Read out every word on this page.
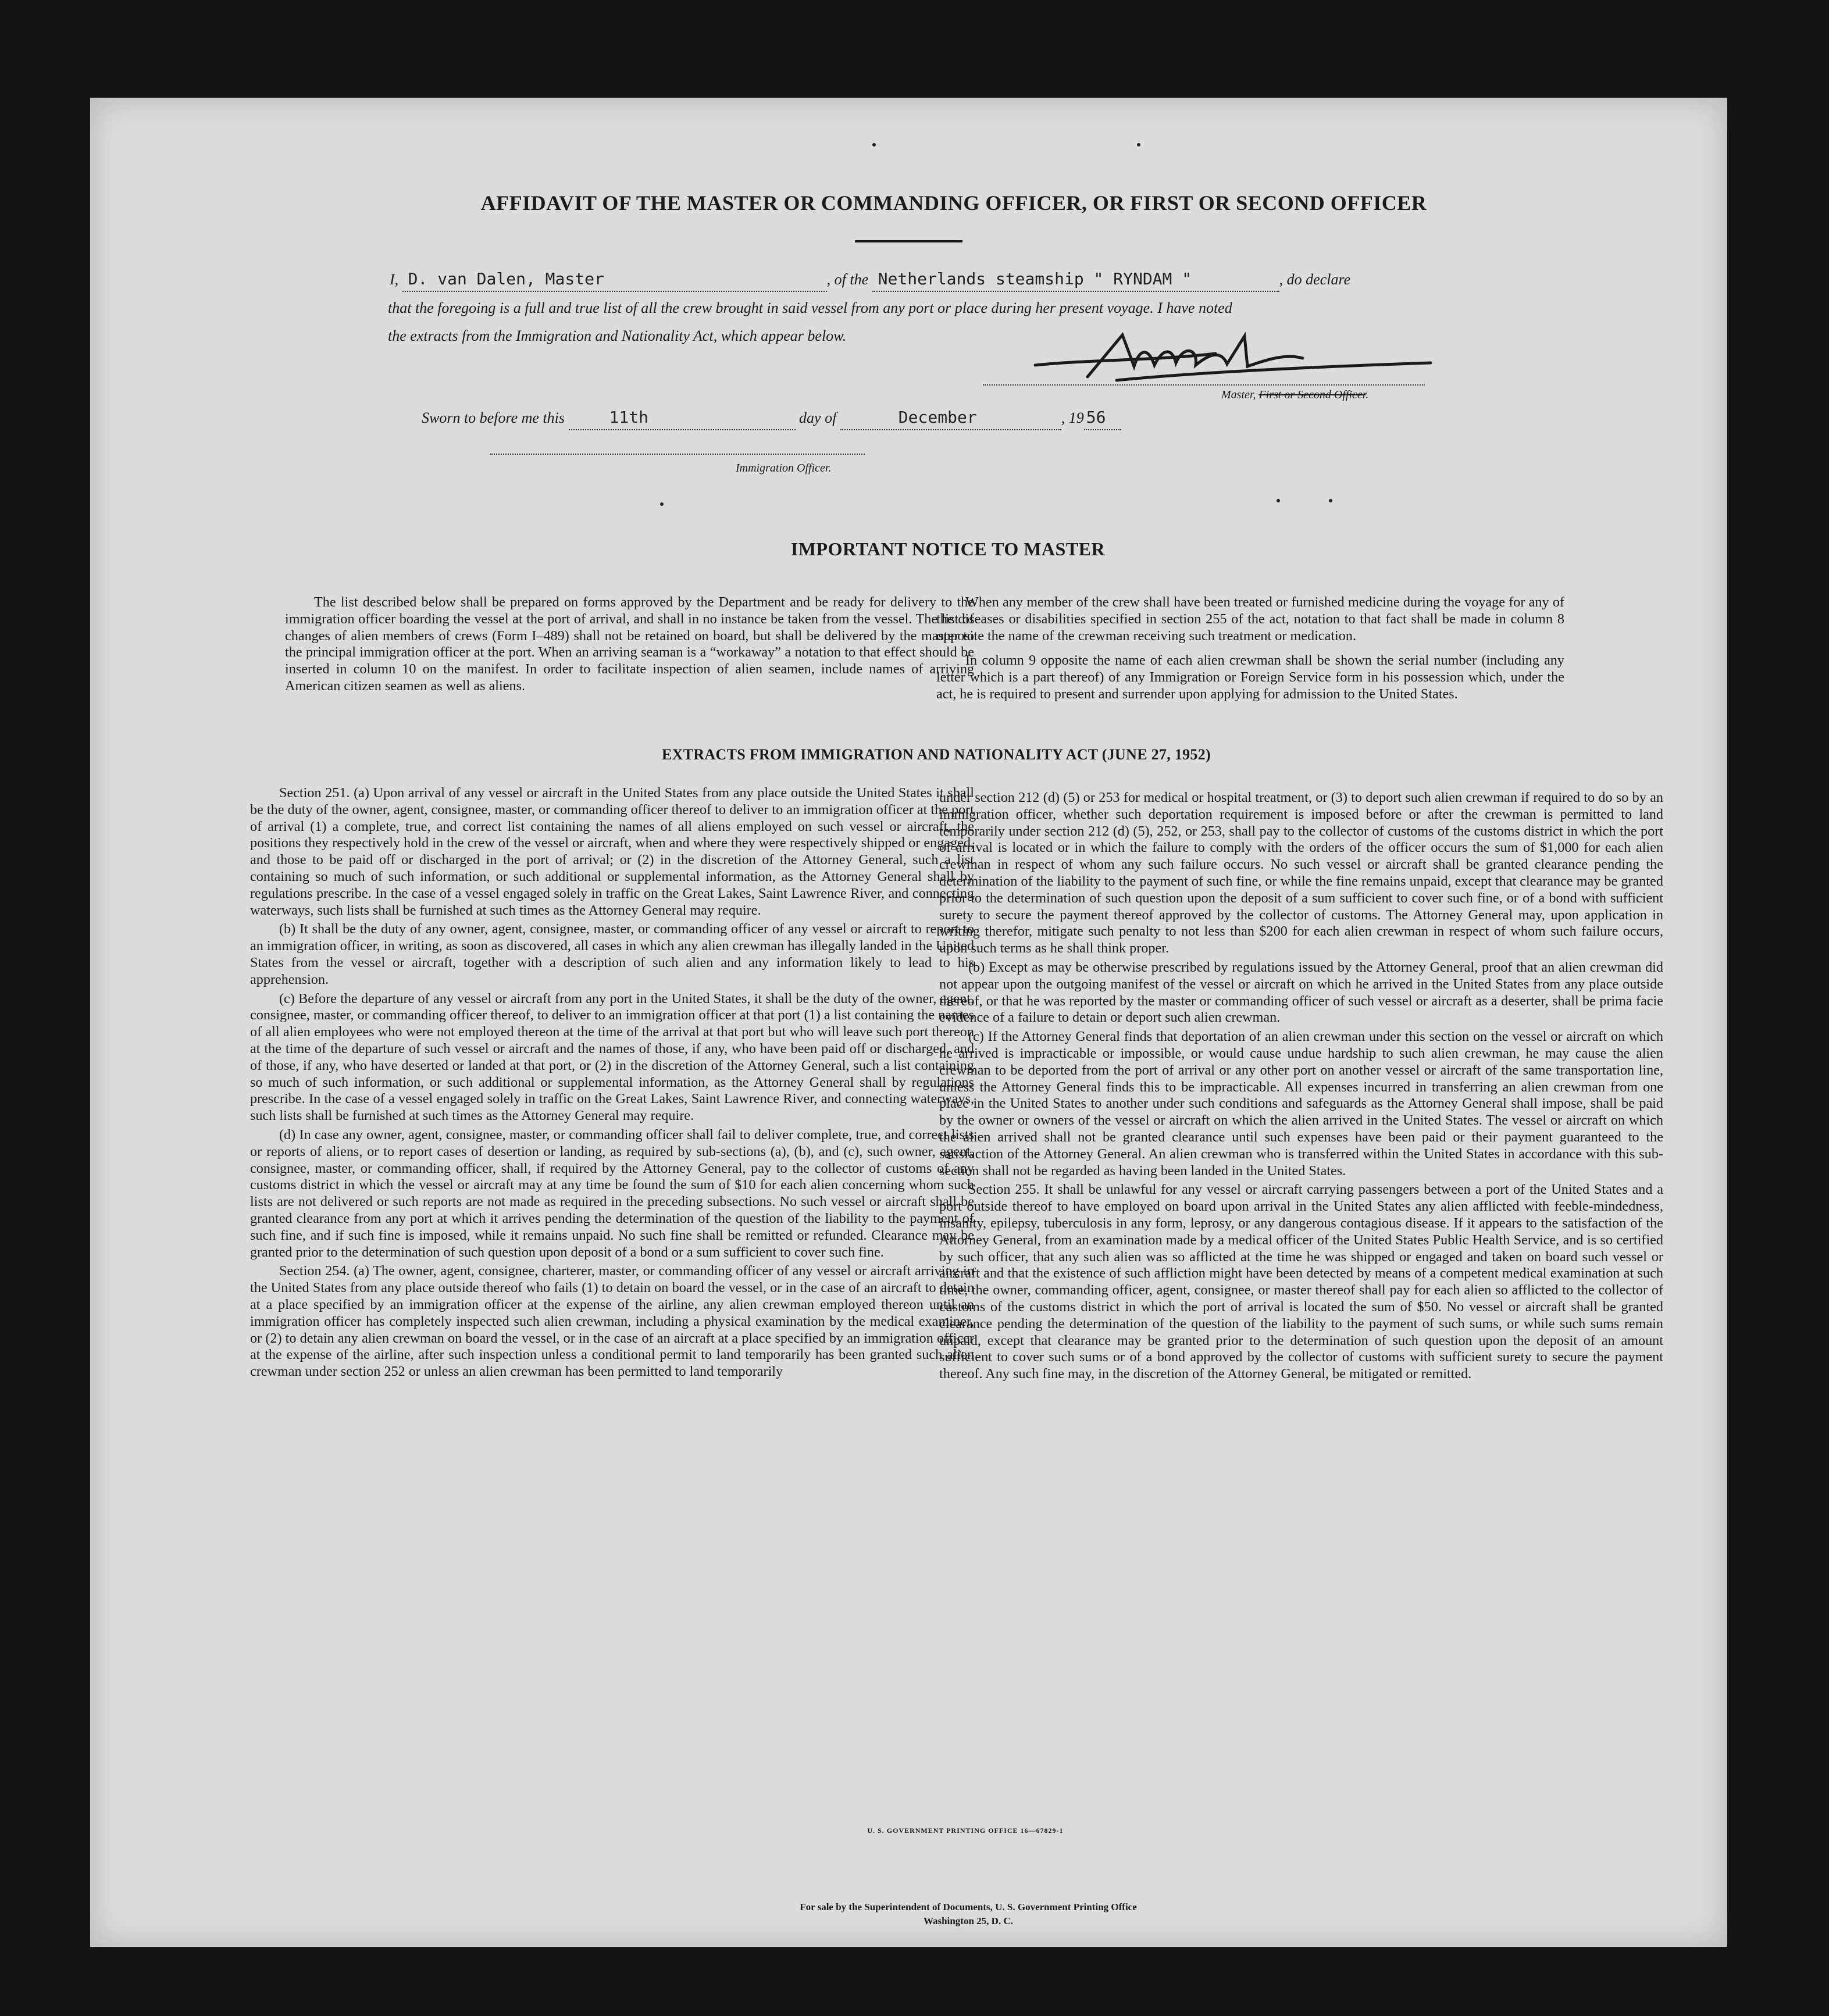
AFFIDAVIT OF THE MASTER OR COMMANDING OFFICER, OR FIRST OR SECOND OFFICER
I, D. van Dalen, Master	, of the Netherlands steamship " RYNDAM "	, do declare
that the foregoing is a full and true list of all the crew brought in said vessel from any port or place during her present voyage. I have noted
the extracts from the Immigration and Nationality Act, which appear below.
Master, First or Second Officer.
Sworn to before me this	11th	day of	December	, 19 56
Immigration Officer.
IMPORTANT NOTICE TO MASTER

The list described below shall be prepared on forms approved by the Department and be ready for delivery to the immigration officer boarding the vessel at the port of arrival, and shall in no instance be taken from the vessel. The list of changes of alien members of crews (Form I–489) shall not be retained on board, but shall be delivered by the master to the principal immigration officer at the port. When an arriving seaman is a “workaway” a notation to that effect should be inserted in column 10 on the manifest. In order to facilitate inspection of alien seamen, include names of arriving American citizen seamen as well as aliens.

When any member of the crew shall have been treated or furnished medicine during the voyage for any of the diseases or disabilities specified in section 255 of the act, notation to that fact shall be made in column 8 opposite the name of the crewman receiving such treatment or medication.

In column 9 opposite the name of each alien crewman shall be shown the serial number (including any letter which is a part thereof) of any Immigration or Foreign Service form in his possession which, under the act, he is required to present and surrender upon applying for admission to the United States.

EXTRACTS FROM IMMIGRATION AND NATIONALITY ACT (JUNE 27, 1952)

Section 251. (a) Upon arrival of any vessel or aircraft in the United States from any place outside the United States it shall be the duty of the owner, agent, consignee, master, or commanding officer thereof to deliver to an immigration officer at the port of arrival (1) a complete, true, and correct list containing the names of all aliens employed on such vessel or aircraft, the positions they respectively hold in the crew of the vessel or aircraft, when and where they were respectively shipped or engaged, and those to be paid off or discharged in the port of arrival; or (2) in the discretion of the Attorney General, such a list containing so much of such information, or such additional or supplemental information, as the Attorney General shall by regulations prescribe. In the case of a vessel engaged solely in traffic on the Great Lakes, Saint Lawrence River, and connecting waterways, such lists shall be furnished at such times as the Attorney General may require.

(b) It shall be the duty of any owner, agent, consignee, master, or commanding officer of any vessel or aircraft to report to an immigration officer, in writing, as soon as discovered, all cases in which any alien crewman has illegally landed in the United States from the vessel or aircraft, together with a description of such alien and any information likely to lead to his apprehension.

(c) Before the departure of any vessel or aircraft from any port in the United States, it shall be the duty of the owner, agent, consignee, master, or commanding officer thereof, to deliver to an immigration officer at that port (1) a list containing the names of all alien employees who were not employed thereon at the time of the arrival at that port but who will leave such port thereon at the time of the departure of such vessel or aircraft and the names of those, if any, who have been paid off or discharged, and of those, if any, who have deserted or landed at that port, or (2) in the discretion of the Attorney General, such a list containing so much of such information, or such additional or supplemental information, as the Attorney General shall by regulations prescribe. In the case of a vessel engaged solely in traffic on the Great Lakes, Saint Lawrence River, and connecting waterways, such lists shall be furnished at such times as the Attorney General may require.

(d) In case any owner, agent, consignee, master, or commanding officer shall fail to deliver complete, true, and correct lists or reports of aliens, or to report cases of desertion or landing, as required by sub-sections (a), (b), and (c), such owner, agent, consignee, master, or commanding officer, shall, if required by the Attorney General, pay to the collector of customs of any customs district in which the vessel or aircraft may at any time be found the sum of $10 for each alien concerning whom such lists are not delivered or such reports are not made as required in the preceding subsections. No such vessel or aircraft shall be granted clearance from any port at which it arrives pending the determination of the question of the liability to the payment of such fine, and if such fine is imposed, while it remains unpaid. No such fine shall be remitted or refunded. Clearance may be granted prior to the determination of such question upon deposit of a bond or a sum sufficient to cover such fine.

Section 254. (a) The owner, agent, consignee, charterer, master, or commanding officer of any vessel or aircraft arriving in the United States from any place outside thereof who fails (1) to detain on board the vessel, or in the case of an aircraft to detain at a place specified by an immigration officer at the expense of the airline, any alien crewman employed thereon until an immigration officer has completely inspected such alien crewman, including a physical examination by the medical examiner, or (2) to detain any alien crewman on board the vessel, or in the case of an aircraft at a place specified by an immigration officer at the expense of the airline, after such inspection unless a conditional permit to land temporarily has been granted such alien crewman under section 252 or unless an alien crewman has been permitted to land temporarily

under section 212 (d) (5) or 253 for medical or hospital treatment, or (3) to deport such alien crewman if required to do so by an immigration officer, whether such deportation requirement is imposed before or after the crewman is permitted to land temporarily under section 212 (d) (5), 252, or 253, shall pay to the collector of customs of the customs district in which the port of arrival is located or in which the failure to comply with the orders of the officer occurs the sum of $1,000 for each alien crewman in respect of whom any such failure occurs. No such vessel or aircraft shall be granted clearance pending the determination of the liability to the payment of such fine, or while the fine remains unpaid, except that clearance may be granted prior to the determination of such question upon the deposit of a sum sufficient to cover such fine, or of a bond with sufficient surety to secure the payment thereof approved by the collector of customs. The Attorney General may, upon application in writing therefor, mitigate such penalty to not less than $200 for each alien crewman in respect of whom such failure occurs, upon such terms as he shall think proper.

(b) Except as may be otherwise prescribed by regulations issued by the Attorney General, proof that an alien crewman did not appear upon the outgoing manifest of the vessel or aircraft on which he arrived in the United States from any place outside thereof, or that he was reported by the master or commanding officer of such vessel or aircraft as a deserter, shall be prima facie evidence of a failure to detain or deport such alien crewman.

(c) If the Attorney General finds that deportation of an alien crewman under this section on the vessel or aircraft on which he arrived is impracticable or impossible, or would cause undue hardship to such alien crewman, he may cause the alien crewman to be deported from the port of arrival or any other port on another vessel or aircraft of the same transportation line, unless the Attorney General finds this to be impracticable. All expenses incurred in transferring an alien crewman from one place in the United States to another under such conditions and safeguards as the Attorney General shall impose, shall be paid by the owner or owners of the vessel or aircraft on which the alien arrived in the United States. The vessel or aircraft on which the alien arrived shall not be granted clearance until such expenses have been paid or their payment guaranteed to the satisfaction of the Attorney General. An alien crewman who is transferred within the United States in accordance with this sub-section shall not be regarded as having been landed in the United States.

Section 255. It shall be unlawful for any vessel or aircraft carrying passengers between a port of the United States and a port outside thereof to have employed on board upon arrival in the United States any alien afflicted with feeble-mindedness, insanity, epilepsy, tuberculosis in any form, leprosy, or any dangerous contagious disease. If it appears to the satisfaction of the Attorney General, from an examination made by a medical officer of the United States Public Health Service, and is so certified by such officer, that any such alien was so afflicted at the time he was shipped or engaged and taken on board such vessel or aircraft and that the existence of such affliction might have been detected by means of a competent medical examination at such time, the owner, commanding officer, agent, consignee, or master thereof shall pay for each alien so afflicted to the collector of customs of the customs district in which the port of arrival is located the sum of $50. No vessel or aircraft shall be granted clearance pending the determination of the question of the liability to the payment of such sums, or while such sums remain unpaid, except that clearance may be granted prior to the determination of such question upon the deposit of an amount sufficient to cover such sums or of a bond approved by the collector of customs with sufficient surety to secure the payment thereof. Any such fine may, in the discretion of the Attorney General, be mitigated or remitted.

U. S. GOVERNMENT PRINTING OFFICE 16—67829-1
For sale by the Superintendent of Documents, U. S. Government Printing Office
Washington 25, D. C.
